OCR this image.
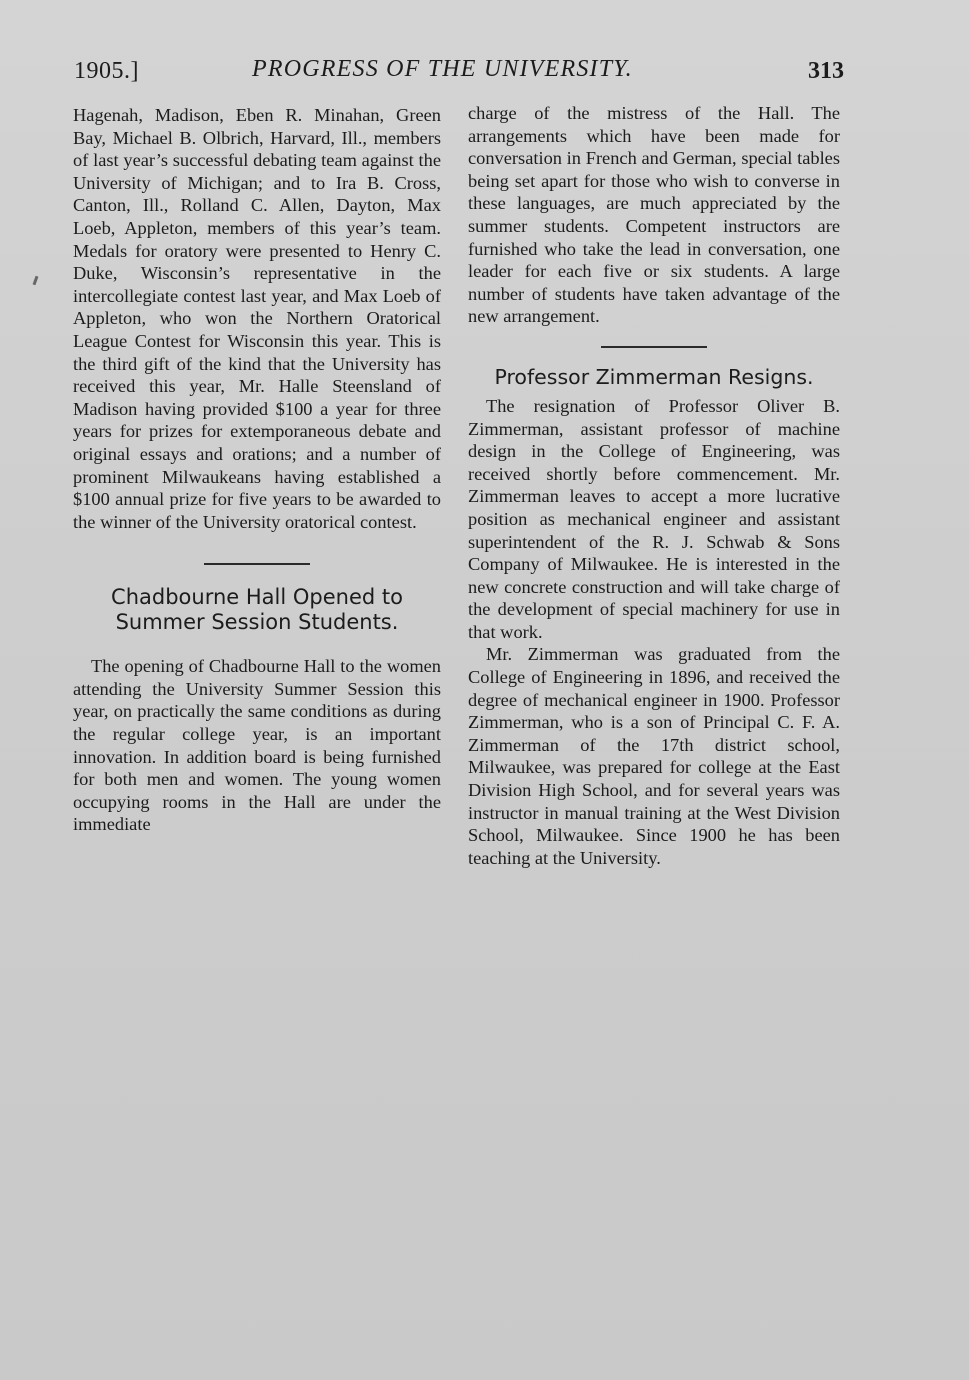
1905.]	PROGRESS OF THE UNIVERSITY.	313

Hagenah, Madison, Eben R. Minahan, Green Bay, Michael B. Olbrich, Harvard, Ill., members of last year’s successful debating team against the University of Michigan; and to Ira B. Cross, Canton, Ill., Rolland C. Allen, Dayton, Max Loeb, Appleton, members of this year’s team. Medals for oratory were presented to Henry C. Duke, Wisconsin’s representative in the intercollegiate contest last year, and Max Loeb of Appleton, who won the Northern Oratorical League Contest for Wisconsin this year. This is the third gift of the kind that the University has received this year, Mr. Halle Steensland of Madison having provided $100 a year for three years for prizes for extemporaneous debate and original essays and orations; and a number of prominent Milwaukeans having established a $100 annual prize for five years to be awarded to the winner of the University oratorical contest.

Chadbourne Hall Opened to Summer Session Students.

The opening of Chadbourne Hall to the women attending the University Summer Session this year, on practically the same conditions as during the regular college year, is an important innovation. In addition board is being furnished for both men and women. The young women occupying rooms in the Hall are under the immediate

charge of the mistress of the Hall. The arrangements which have been made for conversation in French and German, special tables being set apart for those who wish to converse in these languages, are much appreciated by the summer students. Competent instructors are furnished who take the lead in conversation, one leader for each five or six students. A large number of students have taken advantage of the new arrangement.

Professor Zimmerman Resigns.

The resignation of Professor Oliver B. Zimmerman, assistant professor of machine design in the College of Engineering, was received shortly before commencement. Mr. Zimmerman leaves to accept a more lucrative position as mechanical engineer and assistant superintendent of the R. J. Schwab & Sons Company of Milwaukee. He is interested in the new concrete construction and will take charge of the development of special machinery for use in that work.

Mr. Zimmerman was graduated from the College of Engineering in 1896, and received the degree of mechanical engineer in 1900. Professor Zimmerman, who is a son of Principal C. F. A. Zimmerman of the 17th district school, Milwaukee, was prepared for college at the East Division High School, and for several years was instructor in manual training at the West Division School, Milwaukee. Since 1900 he has been teaching at the University.
